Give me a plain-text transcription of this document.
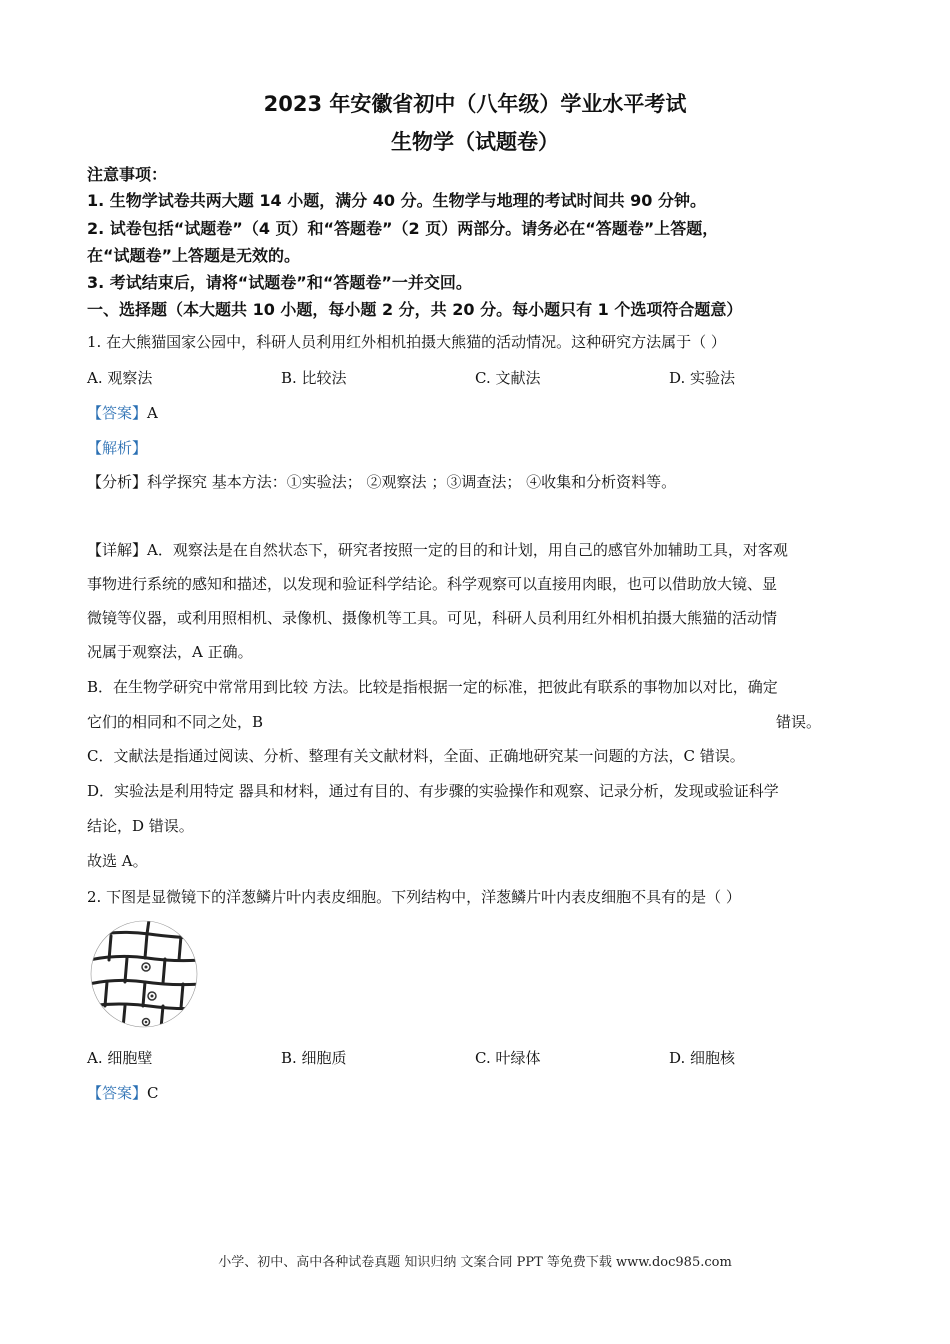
2023 年安徽省初中（八年级）学业水平考试
生物学（试题卷）
注意事项：
1. 生物学试卷共两大题 14 小题，满分 40 分。生物学与地理的考试时间共 90 分钟。
2. 试卷包括“试题卷”（4 页）和“答题卷”（2 页）两部分。请务必在“答题卷”上答题，
在“试题卷”上答题是无效的。
3. 考试结束后，请将“试题卷”和“答题卷”一并交回。
一、选择题（本大题共 10 小题，每小题 2 分，共 20 分。每小题只有 1 个选项符合题意）
1. 在大熊猫国家公园中，科研人员利用红外相机拍摄大熊猫的活动情况。这种研究方法属于（ ）
A. 观察法	B. 比较法	C. 文献法	D. 实验法
【答案】A
【解析】
【分析】科学探究 基本方法：①实验法； ②观察法 ；③调查法； ④收集和分析资料等。
【详解】A．观察法是在自然状态下，研究者按照一定的目的和计划，用自己的感官外加辅助工具，对客观
事物进行系统的感知和描述，以发现和验证科学结论。科学观察可以直接用肉眼，也可以借助放大镜、显
微镜等仪器，或利用照相机、录像机、摄像机等工具。可见，科研人员利用红外相机拍摄大熊猫的活动情
况属于观察法，A 正确。
B．在生物学研究中常常用到比较 方法。比较是指根据一定的标准，把彼此有联系的事物加以对比，确定
它们的相同和不同之处，B	错误。
C．文献法是指通过阅读、分析、整理有关文献材料，全面、正确地研究某一问题的方法，C 错误。
D．实验法是利用特定 器具和材料，通过有目的、有步骤的实验操作和观察、记录分析，发现或验证科学
结论，D 错误。
故选 A。
2. 下图是显微镜下的洋葱鳞片叶内表皮细胞。下列结构中，洋葱鳞片叶内表皮细胞不具有的是（ ）
A. 细胞壁	B. 细胞质	C. 叶绿体	D. 细胞核
【答案】C
小学、初中、高中各种试卷真题 知识归纳 文案合同 PPT 等免费下载 www.doc985.com
